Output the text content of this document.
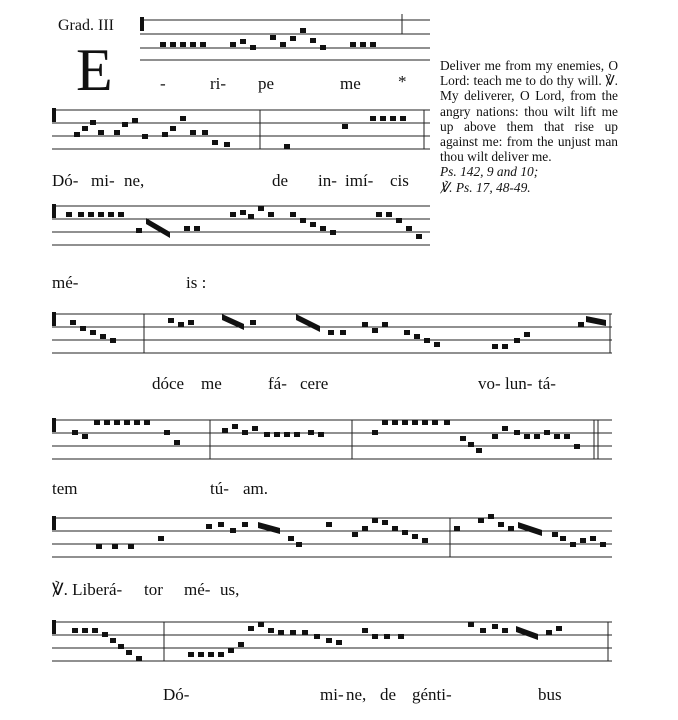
Grad. III
E	Deliver me from my enemies, O Lord: teach me to do thy will. ℣. My deliverer, O Lord, from the angry nations: thou wilt lift me up above them that rise up against me: from the unjust man thou wilt deliver me.

Ps. 142, 9 and 10;

℣. Ps. 17, 48-49.

-	ri- pe	me *
Dó- mi- ne,	de in- imí- cis
mé-	is :
dóce me	fá- cere	vo- lun- tá-
tem	tú- am.
℣. Liberá- tor mé- us,
Dó-	mi- ne, de génti-	bus
